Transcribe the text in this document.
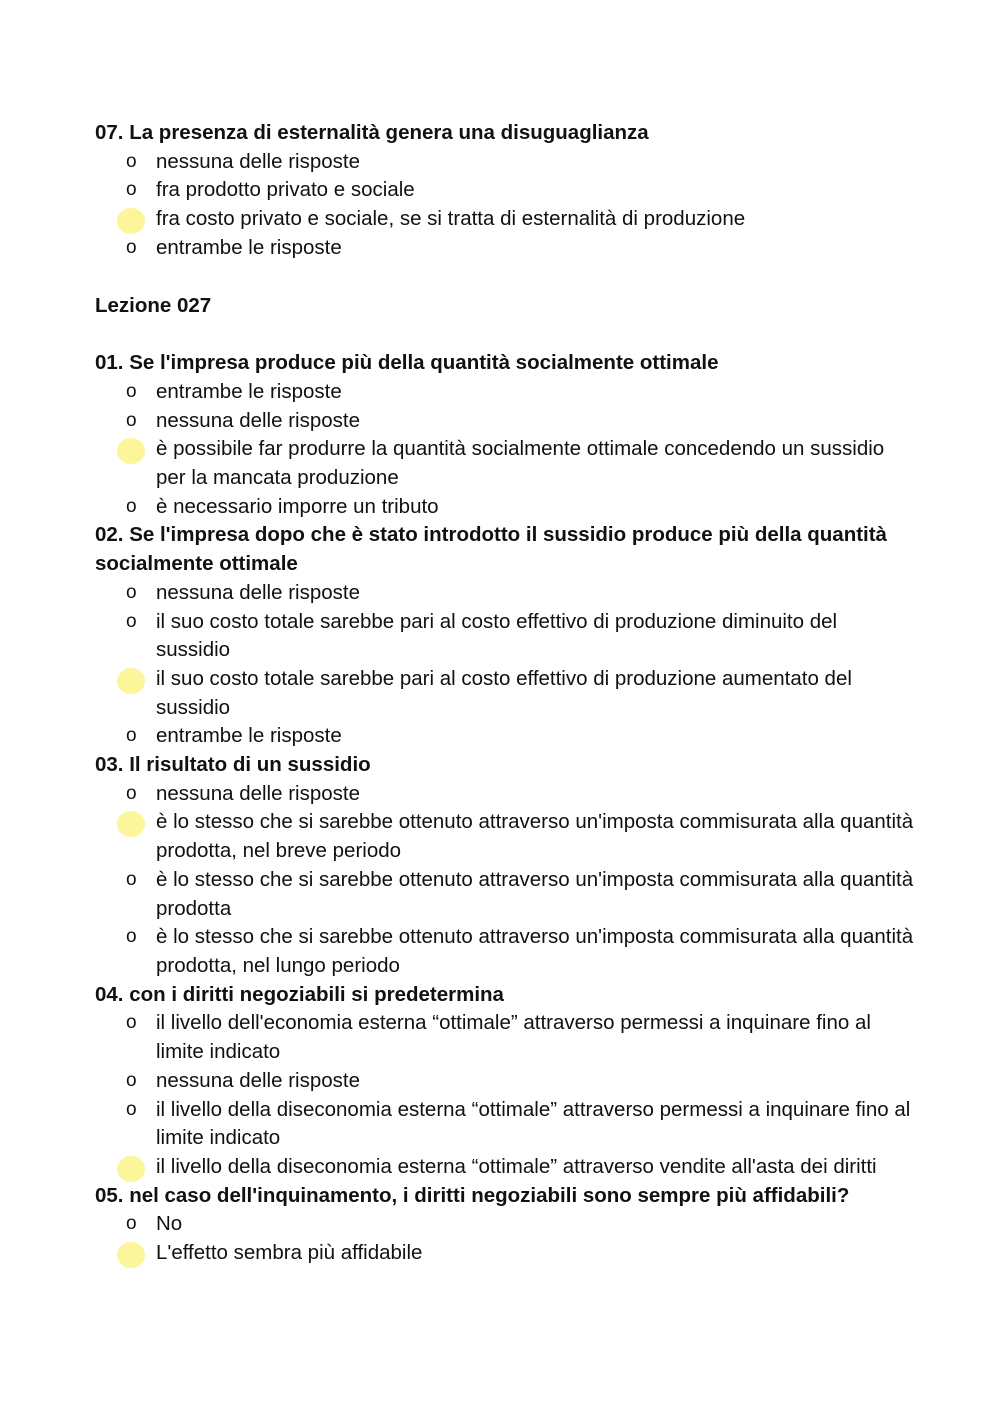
07. La presenza di esternalità genera una disuguaglianza

o nessuna delle risposte
o fra prodotto privato e sociale
fra costo privato e sociale, se si tratta di esternalità di produzione
o entrambe le risposte

Lezione 027

01. Se l'impresa produce più della quantità socialmente ottimale

o entrambe le risposte
o nessuna delle risposte
è possibile far produrre la quantità socialmente ottimale concedendo un sussidio per la mancata produzione
o è necessario imporre un tributo

02. Se l'impresa dopo che è stato introdotto il sussidio produce più della quantità socialmente ottimale

o nessuna delle risposte
o il suo costo totale sarebbe pari al costo effettivo di produzione diminuito del sussidio
il suo costo totale sarebbe pari al costo effettivo di produzione aumentato del sussidio
o entrambe le risposte

03. Il risultato di un sussidio

o nessuna delle risposte
è lo stesso che si sarebbe ottenuto attraverso un'imposta commisurata alla quantità prodotta, nel breve periodo
o è lo stesso che si sarebbe ottenuto attraverso un'imposta commisurata alla quantità prodotta
o è lo stesso che si sarebbe ottenuto attraverso un'imposta commisurata alla quantità prodotta, nel lungo periodo

04. con i diritti negoziabili si predetermina

o il livello dell'economia esterna “ottimale” attraverso permessi a inquinare fino al limite indicato
o nessuna delle risposte
o il livello della diseconomia esterna “ottimale” attraverso permessi a inquinare fino al limite indicato
il livello della diseconomia esterna “ottimale” attraverso vendite all'asta dei diritti

05. nel caso dell'inquinamento, i diritti negoziabili sono sempre più affidabili?

o No
L'effetto sembra più affidabile
